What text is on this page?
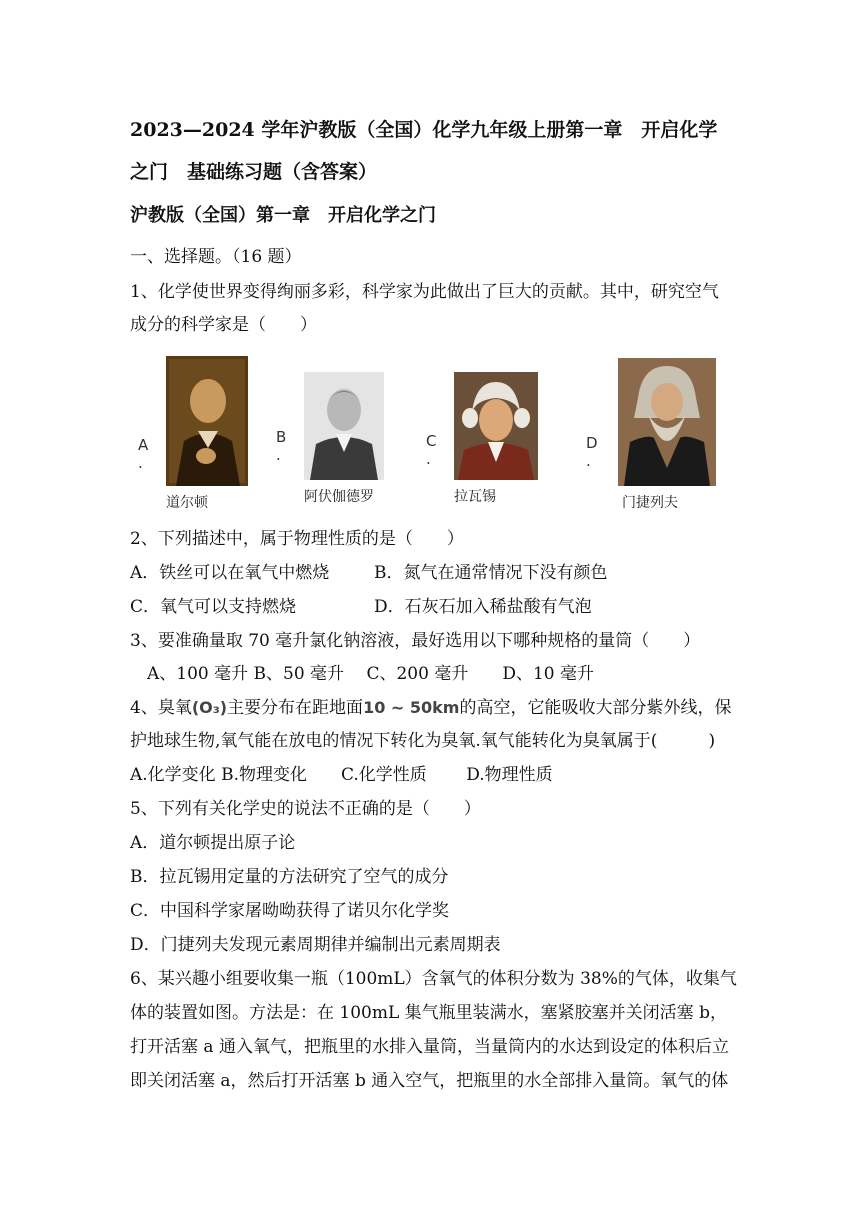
2023—2024 学年沪教版（全国）化学九年级上册第一章　开启化学
之门　基础练习题（含答案）
沪教版（全国）第一章　开启化学之门
一、选择题。（16 题）
1、化学使世界变得绚丽多彩，科学家为此做出了巨大的贡献。其中，研究空气
成分的科学家是（　　）
A .
道尔顿
B .
阿伏伽德罗
C .
拉瓦锡
D .
门捷列夫
2、下列描述中，属于物理性质的是（　　）
A．铁丝可以在氧气中燃烧	B．氮气在通常情况下没有颜色
C．氧气可以支持燃烧	D．石灰石加入稀盐酸有气泡
3、要准确量取 70 毫升氯化钠溶液，最好选用以下哪种规格的量筒（　　）
　A、100 毫升 B、50 毫升　 C、200 毫升　　D、10 毫升
4、臭氧(O₃)主要分布在距地面10 ~ 50km的高空，它能吸收大部分紫外线，保
护地球生物,氧气能在放电的情况下转化为臭氧.氧气能转化为臭氧属于(　　　)
A.化学变化 B.物理变化　　C.化学性质　　 D.物理性质
5、下列有关化学史的说法不正确的是（　　）
A．道尔顿提出原子论
B．拉瓦锡用定量的方法研究了空气的成分
C．中国科学家屠呦呦获得了诺贝尔化学奖
D．门捷列夫发现元素周期律并编制出元素周期表
6、某兴趣小组要收集一瓶（100mL）含氧气的体积分数为 38%的气体，收集气
体的装置如图。方法是：在 100mL 集气瓶里装满水，塞紧胶塞并关闭活塞 b，
打开活塞 a 通入氧气，把瓶里的水排入量筒，当量筒内的水达到设定的体积后立
即关闭活塞 a，然后打开活塞 b 通入空气，把瓶里的水全部排入量筒。氧气的体
